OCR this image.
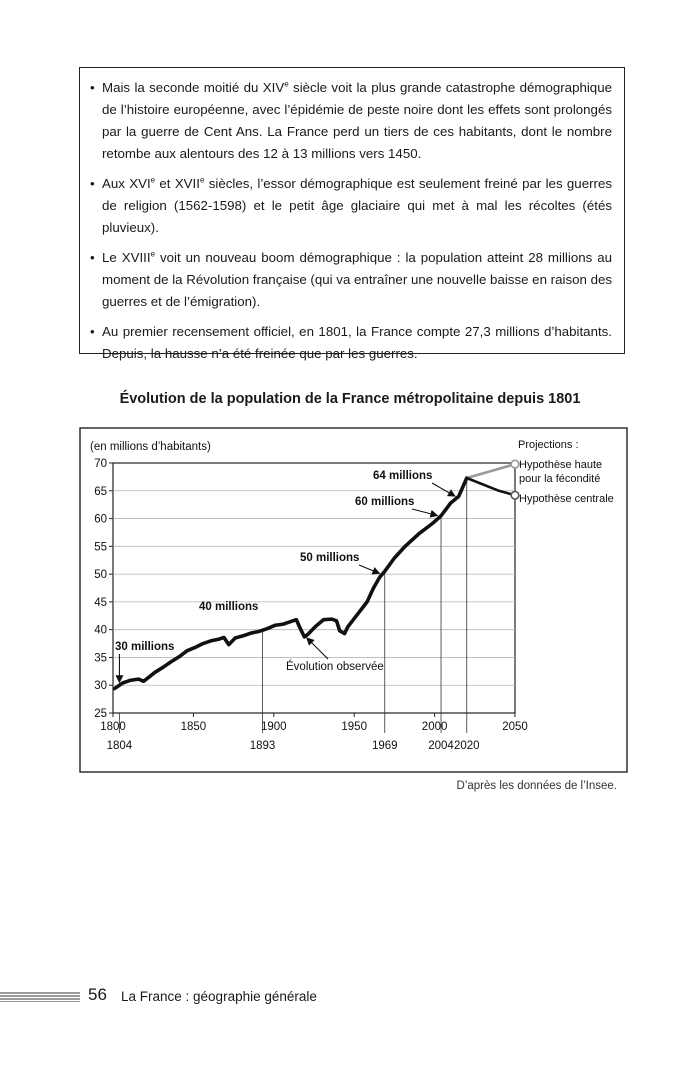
• Mais la seconde moitié du XIVe siècle voit la plus grande catastrophe démographique de l’histoire européenne, avec l’épidémie de peste noire dont les effets sont prolongés par la guerre de Cent Ans. La France perd un tiers de ces habitants, dont le nombre retombe aux alentours des 12 à 13 millions vers 1450.
• Aux XVIe et XVIIe siècles, l’essor démographique est seulement freiné par les guerres de religion (1562-1598) et le petit âge glaciaire qui met à mal les récoltes (étés pluvieux).
• Le XVIIIe voit un nouveau boom démographique : la population atteint 28 millions au moment de la Révolution française (qui va entraîner une nouvelle baisse en raison des guerres et de l’émigration).
• Au premier recensement officiel, en 1801, la France compte 27,3 millions d’habitants. Depuis, la hausse n’a été freinée que par les guerres.
Évolution de la population de la France métropolitaine depuis 1801
25
30
35
40
45
50
55
60
65
70
1800	1850	1900	1950	2000	2050
1804	1893	1969	2004 2020
(en millions d’habitants)
30 millions
40 millions
50 millions
60 millions
64 millions
Évolution observée
Projections :
Hypothèse haute
pour la fécondité
Hypothèse centrale
D’après les données de l’Insee.
56 La France : géographie générale
